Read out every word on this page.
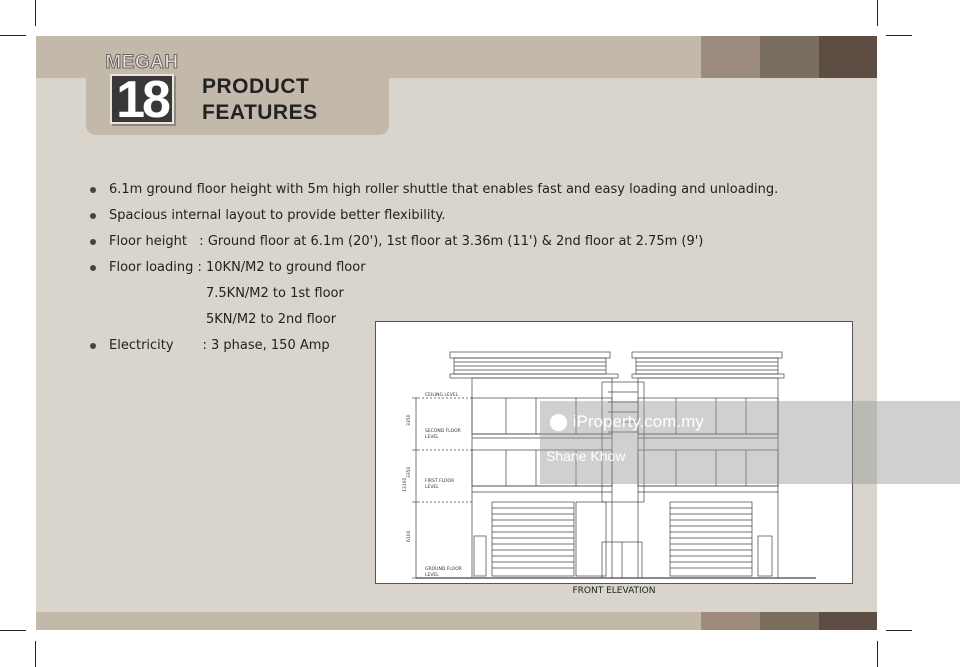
MEGAH
18 PRODUCT
FEATURES
6.1m ground floor height with 5m high roller shuttle that enables fast and easy loading and unloading.
Spacious internal layout to provide better flexibility.
Floor height   : Ground floor at 6.1m (20'), 1st floor at 3.36m (11') & 2nd floor at 2.75m (9')
Floor loading : 10KN/M2 to ground floor
7.5KN/M2 to 1st floor
5KN/M2 to 2nd floor
Electricity       : 3 phase, 150 Amp
CEILING LEVEL
SECOND FLOOR
LEVEL
FIRST FLOOR
LEVEL
GROUND FLOOR
LEVEL
3350
3350
13100
6100
FRONT ELEVATION
⬤ iProperty.com.my
Shane Khow
